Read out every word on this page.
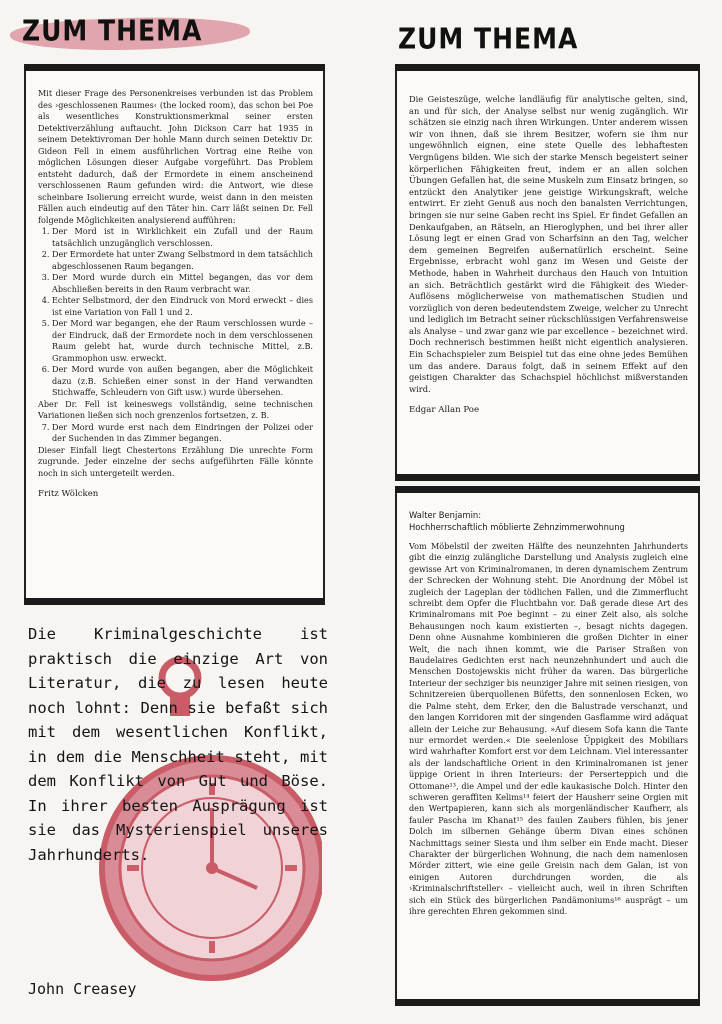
ZUM THEMA	ZUM THEMA

Mit dieser Frage des Personenkreises verbunden ist das Problem des ›geschlossenen Raumes‹ (the locked room), das schon bei Poe als wesentliches Konstruktionsmerkmal seiner ersten Detektiverzählung auftaucht. John Dickson Carr hat 1935 in seinem Detektivroman Der hohle Mann durch seinen Detektiv Dr. Gideon Fell in einem ausführlichen Vortrag eine Reihe von möglichen Lösungen dieser Aufgabe vorgeführt. Das Problem entsteht dadurch, daß der Ermordete in einem anscheinend verschlossenen Raum gefunden wird: die Antwort, wie diese scheinbare Isolierung erreicht wurde, weist dann in den meisten Fällen auch eindeutig auf den Täter hin. Carr läßt seinen Dr. Fell folgende Möglichkeiten analysierend aufführen:

1. Der Mord ist in Wirklichkeit ein Zufall und der Raum tatsächlich unzugänglich verschlossen.
2. Der Ermordete hat unter Zwang Selbstmord in dem tatsächlich abgeschlossenen Raum begangen.
3. Der Mord wurde durch ein Mittel begangen, das vor dem Abschließen bereits in den Raum verbracht war.
4. Echter Selbstmord, der den Eindruck von Mord erweckt – dies ist eine Variation von Fall 1 und 2.
5. Der Mord war begangen, ehe der Raum verschlossen wurde – der Eindruck, daß der Ermordete noch in dem verschlossenen Raum gelebt hat, wurde durch technische Mittel, z.B. Grammophon usw. erweckt.
6. Der Mord wurde von außen begangen, aber die Möglichkeit dazu (z.B. Schießen einer sonst in der Hand verwandten Stichwaffe, Schleudern von Gift usw.) wurde übersehen.

Aber Dr. Fell ist keineswegs vollständig, seine technischen Variationen ließen sich noch grenzenlos fortsetzen, z. B.

7. Der Mord wurde erst nach dem Eindringen der Polizei oder der Suchenden in das Zimmer begangen.

Dieser Einfall liegt Chestertons Erzählung Die unrechte Form zugrunde. Jeder einzelne der sechs aufgeführten Fälle könnte noch in sich untergeteilt werden.

Fritz Wölcken

Die Geisteszüge, welche landläufig für analytische gelten, sind, an und für sich, der Analyse selbst nur wenig zugänglich. Wir schätzen sie einzig nach ihren Wirkungen. Unter anderem wissen wir von ihnen, daß sie ihrem Besitzer, wofern sie ihm nur ungewöhnlich eignen, eine stete Quelle des lebhaftesten Vergnügens bilden. Wie sich der starke Mensch begeistert seiner körperlichen Fähigkeiten freut, indem er an allen solchen Übungen Gefallen hat, die seine Muskeln zum Einsatz bringen, so entzückt den Analytiker jene geistige Wirkungskraft, welche entwirrt. Er zieht Genuß aus noch den banalsten Verrichtungen, bringen sie nur seine Gaben recht ins Spiel. Er findet Gefallen an Denkaufgaben, an Rätseln, an Hieroglyphen, und bei ihrer aller Lösung legt er einen Grad von Scharfsinn an den Tag, welcher dem gemeinen Begreifen außernatürlich erscheint. Seine Ergebnisse, erbracht wohl ganz im Wesen und Geiste der Methode, haben in Wahrheit durchaus den Hauch von Intuition an sich. Beträchtlich gestärkt wird die Fähigkeit des Wieder-Auflösens möglicherweise von mathematischen Studien und vorzüglich von deren bedeutendstem Zweige, welcher zu Unrecht und lediglich im Betracht seiner rückschlüssigen Verfahrensweise als Analyse – und zwar ganz wie par excellence – bezeichnet wird. Doch rechnerisch bestimmen heißt nicht eigentlich analysieren. Ein Schachspieler zum Beispiel tut das eine ohne jedes Bemühen um das andere. Daraus folgt, daß in seinem Effekt auf den geistigen Charakter das Schachspiel höchlichst mißverstanden wird.

Edgar Allan Poe

Walter Benjamin:
Hochherrschaftlich möblierte Zehnzimmerwohnung

Vom Möbelstil der zweiten Hälfte des neunzehnten Jahrhunderts gibt die einzig zulängliche Darstellung und Analysis zugleich eine gewisse Art von Kriminalromanen, in deren dynamischem Zentrum der Schrecken der Wohnung steht. Die Anordnung der Möbel ist zugleich der Lageplan der tödlichen Fallen, und die Zimmerflucht schreibt dem Opfer die Fluchtbahn vor. Daß gerade diese Art des Kriminalromans mit Poe beginnt – zu einer Zeit also, als solche Behausungen noch kaum existierten –, besagt nichts dagegen. Denn ohne Ausnahme kombinieren die großen Dichter in einer Welt, die nach ihnen kommt, wie die Pariser Straßen von Baudelaires Gedichten erst nach neunzehnhundert und auch die Menschen Dostojewskis nicht früher da waren. Das bürgerliche Interieur der sechziger bis neunziger Jahre mit seinen riesigen, von Schnitzereien überquollenen Büfetts, den sonnenlosen Ecken, wo die Palme steht, dem Erker, den die Balustrade verschanzt, und den langen Korridoren mit der singenden Gasflamme wird adäquat allein der Leiche zur Behausung. »Auf diesem Sofa kann die Tante nur ermordet werden.« Die seelenlose Üppigkeit des Mobiliars wird wahrhafter Komfort erst vor dem Leichnam. Viel interessanter als der landschaftliche Orient in den Kriminalromanen ist jener üppige Orient in ihren Interieurs: der Perserteppich und die Ottomane¹³, die Ampel und der edle kaukasische Dolch. Hinter den schweren geraffiten Kelims¹⁴ feiert der Hausherr seine Orgien mit den Wertpapieren, kann sich als morgenländischer Kaufherr, als fauler Pascha im Khanat¹⁵ des faulen Zaubers fühlen, bis jener Dolch im silbernen Gehänge überm Divan eines schönen Nachmittags seiner Siesta und ihm selber ein Ende macht. Dieser Charakter der bürgerlichen Wohnung, die nach dem namenlosen Mörder zittert, wie eine geile Greisin nach dem Galan, ist von einigen Autoren durchdrungen worden, die als ›Kriminalschriftsteller‹ – vielleicht auch, weil in ihren Schriften sich ein Stück des bürgerlichen Pandämoniums¹⁶ ausprägt – um ihre gerechten Ehren gekommen sind.

Die Kriminalgeschichte ist praktisch die einzige Art von Literatur, die zu lesen heute noch lohnt: Denn sie befaßt sich mit dem wesentlichen Konflikt, in dem die Menschheit steht, mit dem Konflikt von Gut und Böse. In ihrer besten Ausprägung ist sie das Mysterienspiel unseres Jahrhunderts.
John Creasey
